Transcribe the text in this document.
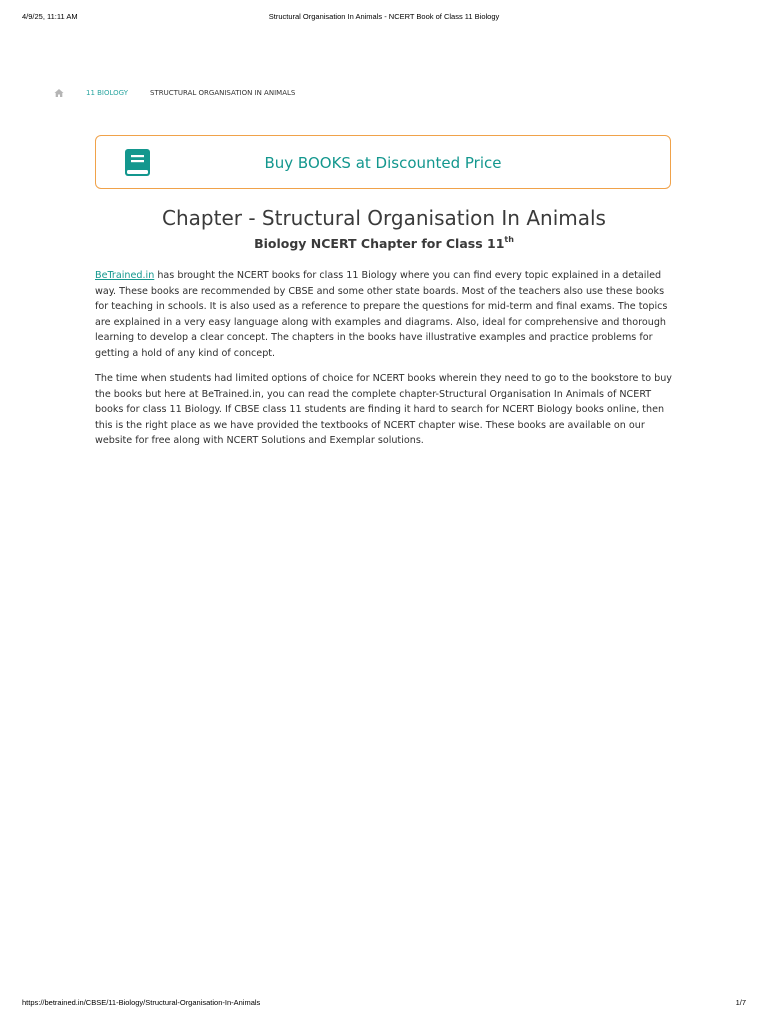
4/9/25, 11:11 AM	Structural Organisation In Animals - NCERT Book of Class 11 Biology
11 BIOLOGY	STRUCTURAL ORGANISATION IN ANIMALS
Buy BOOKS at Discounted Price
Chapter - Structural Organisation In Animals
Biology NCERT Chapter for Class 11th

BeTrained.in has brought the NCERT books for class 11 Biology where you can find every topic explained in a detailed way. These books are recommended by CBSE and some other state boards. Most of the teachers also use these books for teaching in schools. It is also used as a reference to prepare the questions for mid-term and final exams. The topics are explained in a very easy language along with examples and diagrams. Also, ideal for comprehensive and thorough learning to develop a clear concept. The chapters in the books have illustrative examples and practice problems for getting a hold of any kind of concept.

The time when students had limited options of choice for NCERT books wherein they need to go to the bookstore to buy the books but here at BeTrained.in, you can read the complete chapter-Structural Organisation In Animals of NCERT books for class 11 Biology. If CBSE class 11 students are finding it hard to search for NCERT Biology books online, then this is the right place as we have provided the textbooks of NCERT chapter wise. These books are available on our website for free along with NCERT Solutions and Exemplar solutions.

https://betrained.in/CBSE/11-Biology/Structural-Organisation-In-Animals	1/7
